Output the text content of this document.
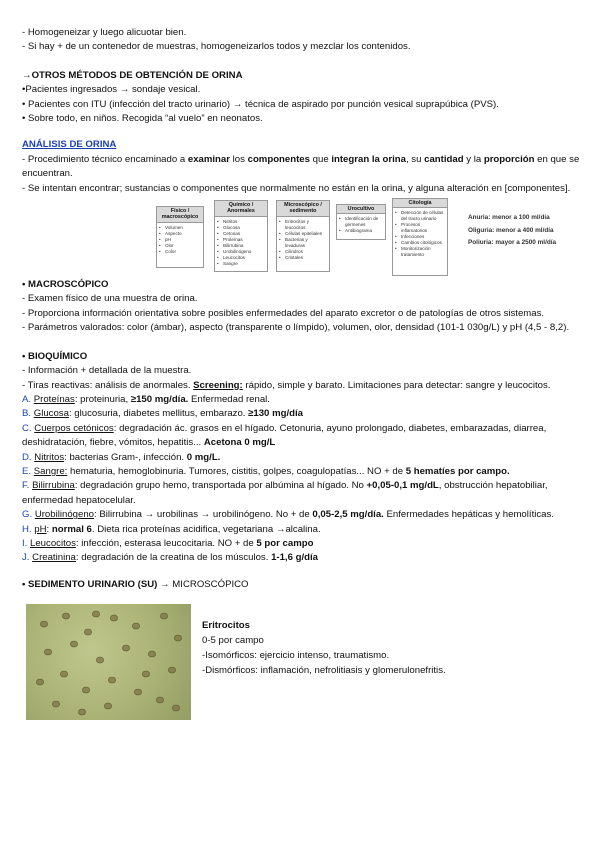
- Homogeneizar y luego alicuotar bien.

- Si hay + de un contenedor de muestras, homogeneizarlos todos y mezclar los contenidos.

→OTROS MÉTODOS DE OBTENCIÓN DE ORINA

•Pacientes ingresados → sondaje vesical.

• Pacientes con ITU (infección del tracto urinario) → técnica de aspirado por punción vesical suprapúbica (PVS).

• Sobre todo, en niños. Recogida “al vuelo” en neonatos.

ANÁLISIS DE ORINA

- Procedimiento técnico encaminado a examinar los componentes que integran la orina, su cantidad y la proporción en que se encuentran.

- Se intentan encontrar; sustancias o componentes que normalmente no están en la orina, y alguna alteración en [componentes].

Físico / macroscópico
• Volumen
• Aspecto
• pH
• Olor
• Color
Químico / Anormales
• Nitritos
• Glucosa
• Cetonas
• Proteínas
• Bilirrubina
• Urobilinógeno
• Leucocitos
• Sangre
Microscópico / sedimento
• Eritrocitos y leucocitos
• Células epiteliales
• Bacterias y levaduras
• Cilindros
• Cristales
Urocultivo
• Identificación de gérmenes
• Antibiograma
Citología
• Detección de células del tracto urinario
• Procesos inflamatorios
• Infecciones
• Cambios citológicos
• Monitorización tratamiento
Anuria: menor a 100 ml/día
Oliguria: menor a 400 ml/día
Poliuria: mayor a 2500 ml/día

• MACROSCÓPICO

- Examen físico de una muestra de orina.

- Proporciona información orientativa sobre posibles enfermedades del aparato excretor o de patologías de otros sistemas.

- Parámetros valorados: color (ámbar), aspecto (transparente o límpido), volumen, olor, densidad (101-1 030g/L) y pH (4,5 - 8,2).

• BIOQUÍMICO

- Información + detallada de la muestra.

- Tiras reactivas: análisis de anormales. Screening: rápido, simple y barato. Limitaciones para detectar: sangre y leucocitos.

A. Proteínas: proteinuria, ≥150 mg/día. Enfermedad renal.

B. Glucosa: glucosuria, diabetes mellitus, embarazo. ≥130 mg/día

C. Cuerpos cetónicos: degradación ác. grasos en el hígado. Cetonuria, ayuno prolongado, diabetes, embarazadas, diarrea, deshidratación, fiebre, vómitos, hepatitis... Acetona 0 mg/L

D. Nitritos: bacterias Gram-, infección. 0 mg/L.

E. Sangre: hematuria, hemoglobinuria. Tumores, cistitis, golpes, coagulopatías... NO + de 5 hematíes por campo.

F. Bilirrubina: degradación grupo hemo, transportada por albúmina al hígado. No +0,05-0,1 mg/dL, obstrucción hepatobiliar, enfermedad hepatocelular.

G. Urobilinógeno: Bilirrubina → urobilinas → urobilinógeno. No + de 0,05-2,5 mg/día. Enfermedades hepáticas y hemolíticas.

H. pH: normal 6. Dieta rica proteínas acidifica, vegetariana →alcalina.

I. Leucocitos: infección, esterasa leucocitaria. NO + de 5 por campo

J. Creatinina: degradación de la creatina de los músculos. 1-1,6 g/día

• SEDIMENTO URINARIO (SU) → MICROSCÓPICO

Eritrocitos

0-5 por campo

-Isomórficos: ejercicio intenso, traumatismo.

-Dismórficos: inflamación, nefrolitiasis y glomerulonefritis.
